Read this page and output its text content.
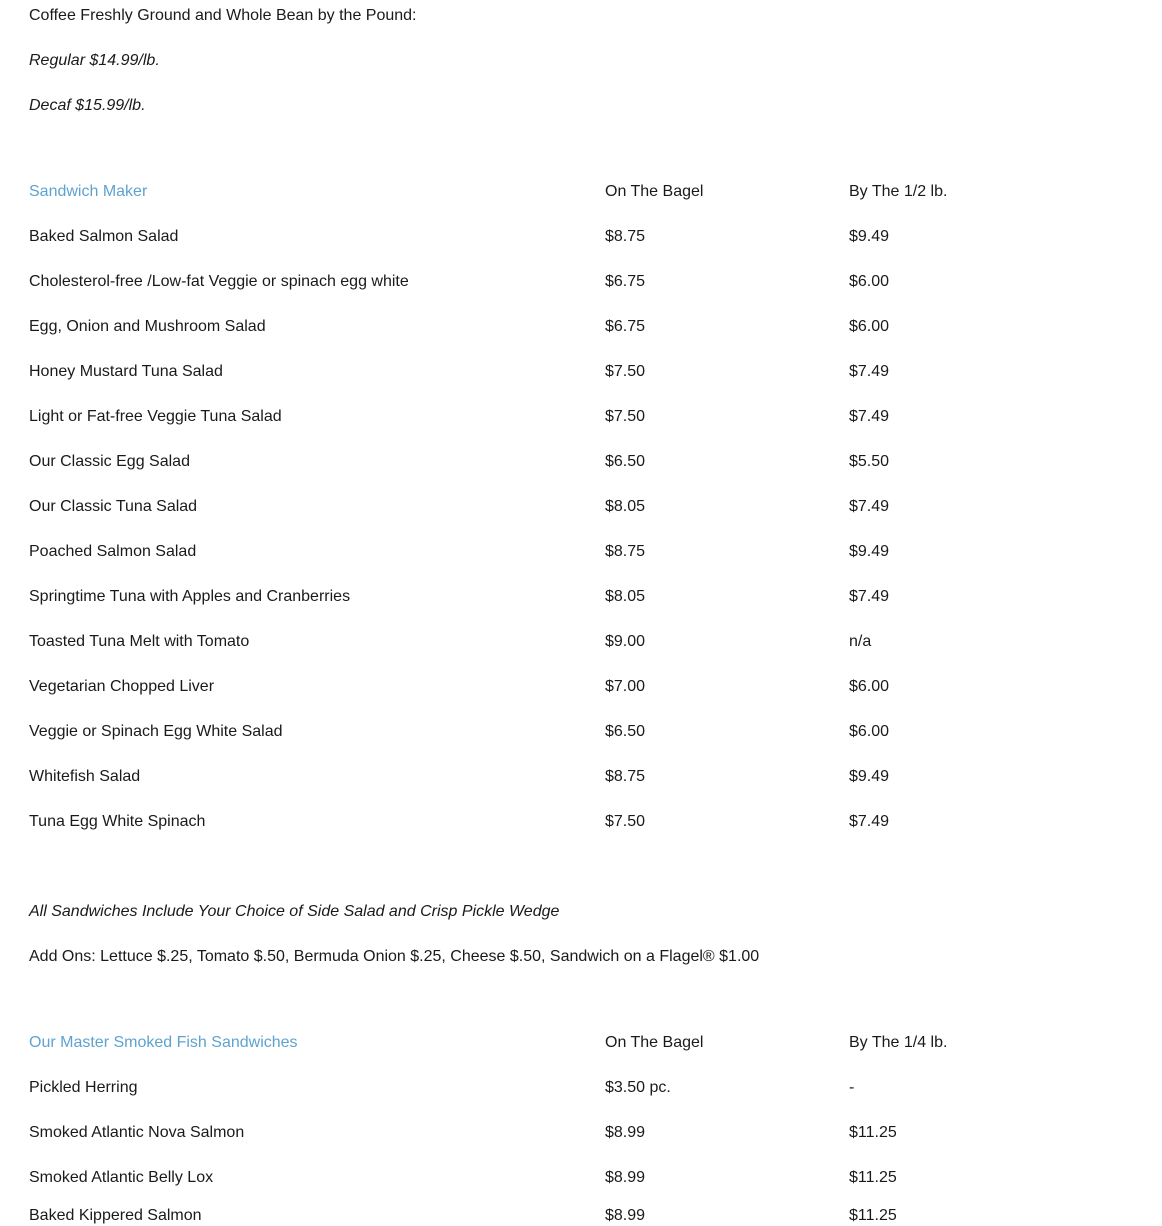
Coffee Freshly Ground and Whole Bean by the Pound:
Regular $14.99/lb.
Decaf $15.99/lb.
Sandwich Maker	On The Bagel	By The 1/2 lb.
Baked Salmon Salad	$8.75	$9.49
Cholesterol-free /Low-fat Veggie or spinach egg white	$6.75	$6.00
Egg, Onion and Mushroom Salad	$6.75	$6.00
Honey Mustard Tuna Salad	$7.50	$7.49
Light or Fat-free Veggie Tuna Salad	$7.50	$7.49
Our Classic Egg Salad	$6.50	$5.50
Our Classic Tuna Salad	$8.05	$7.49
Poached Salmon Salad	$8.75	$9.49
Springtime Tuna with Apples and Cranberries	$8.05	$7.49
Toasted Tuna Melt with Tomato	$9.00	n/a
Vegetarian Chopped Liver	$7.00	$6.00
Veggie or Spinach Egg White Salad	$6.50	$6.00
Whitefish Salad	$8.75	$9.49
Tuna Egg White Spinach	$7.50	$7.49
All Sandwiches Include Your Choice of Side Salad and Crisp Pickle Wedge
Add Ons: Lettuce $.25, Tomato $.50, Bermuda Onion $.25, Cheese $.50, Sandwich on a Flagel® $1.00
Our Master Smoked Fish Sandwiches	On The Bagel	By The 1/4 lb.
Pickled Herring	$3.50 pc.	-
Smoked Atlantic Nova Salmon	$8.99	$11.25
Smoked Atlantic Belly Lox	$8.99	$11.25
Baked Kippered Salmon	$8.99	$11.25
